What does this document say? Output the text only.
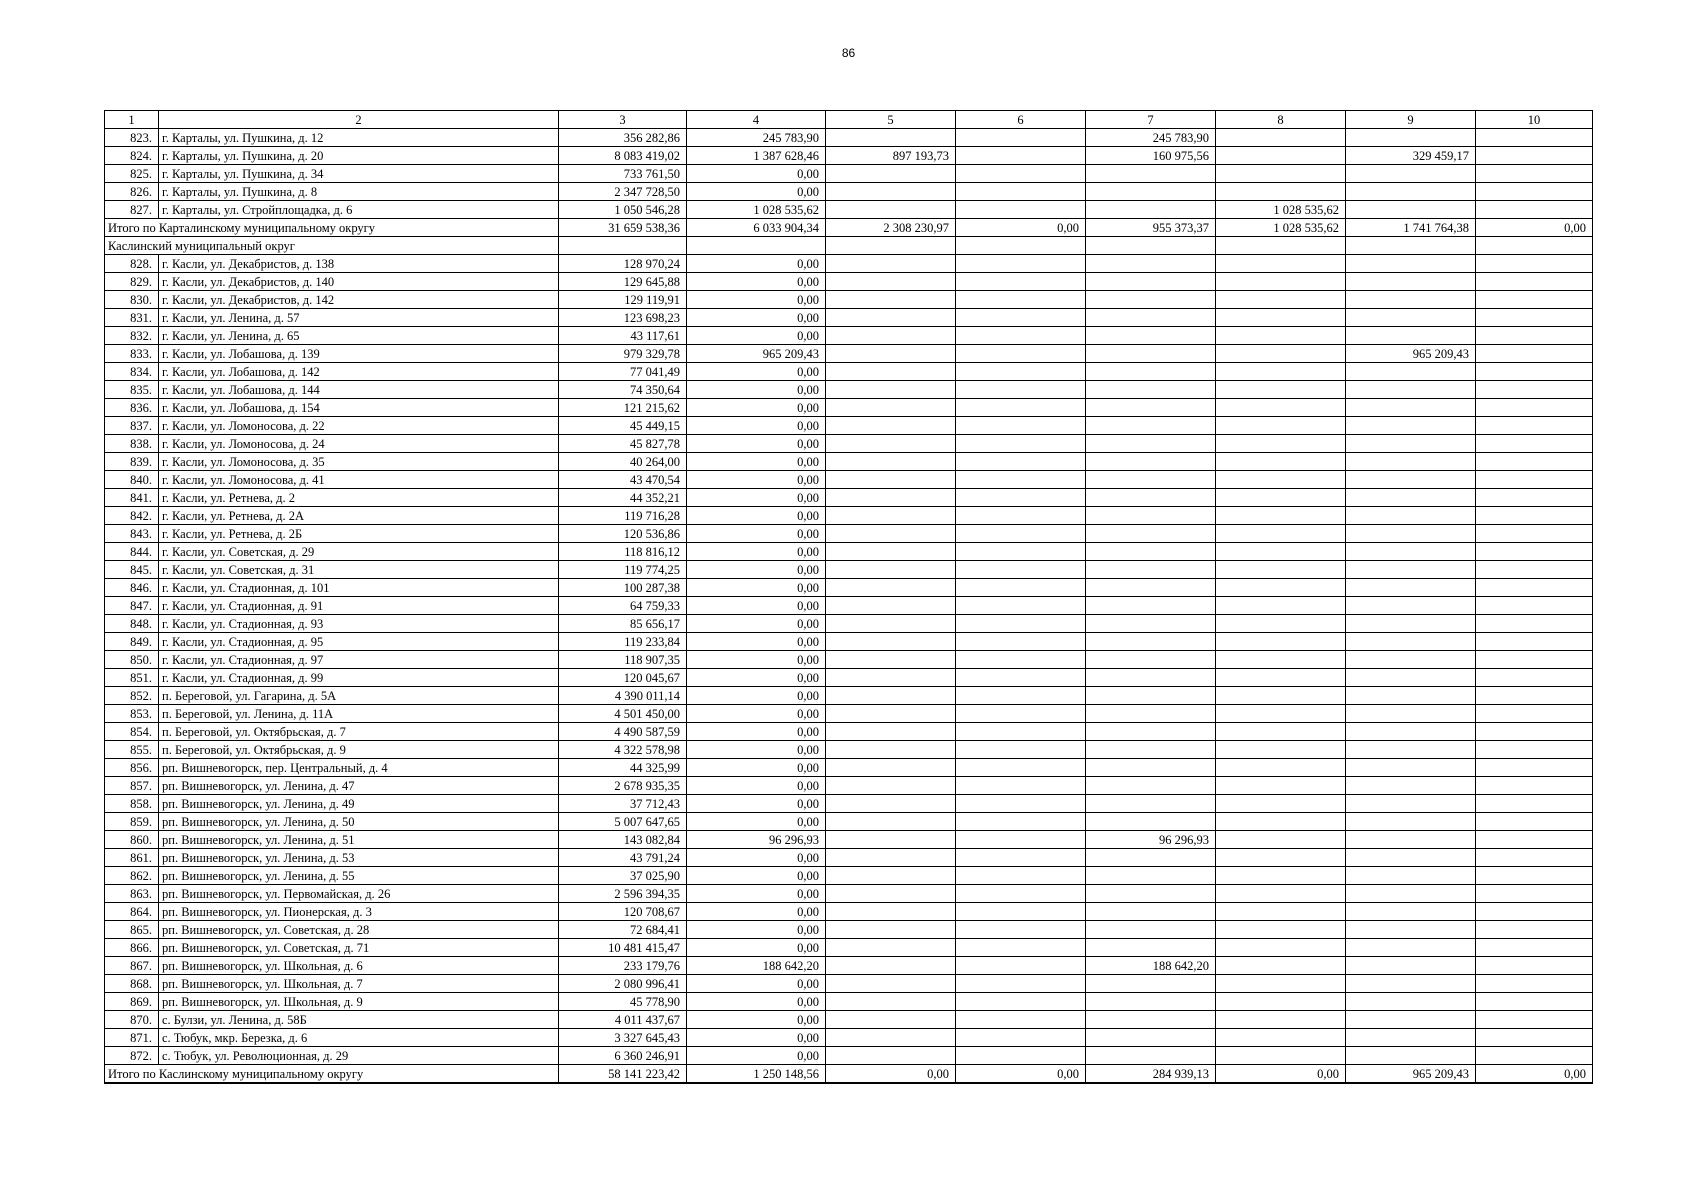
86
1	2	3	4	5	6	7	8	9	10
823.	г. Карталы, ул. Пушкина, д. 12	356 282,86	245 783,90			245 783,90			
824.	г. Карталы, ул. Пушкина, д. 20	8 083 419,02	1 387 628,46	897 193,73		160 975,56		329 459,17	
825.	г. Карталы, ул. Пушкина, д. 34	733 761,50	0,00						
826.	г. Карталы, ул. Пушкина, д. 8	2 347 728,50	0,00						
827.	г. Карталы, ул. Стройплощадка, д. 6	1 050 546,28	1 028 535,62				1 028 535,62		
Итого по Карталинскому муниципальному округу		31 659 538,36	6 033 904,34	2 308 230,97	0,00	955 373,37	1 028 535,62	1 741 764,38	0,00
Каслинский муниципальный округ									
828.	г. Касли, ул. Декабристов, д. 138	128 970,24	0,00						
829.	г. Касли, ул. Декабристов, д. 140	129 645,88	0,00						
830.	г. Касли, ул. Декабристов, д. 142	129 119,91	0,00						
831.	г. Касли, ул. Ленина, д. 57	123 698,23	0,00						
832.	г. Касли, ул. Ленина, д. 65	43 117,61	0,00						
833.	г. Касли, ул. Лобашова, д. 139	979 329,78	965 209,43					965 209,43	
834.	г. Касли, ул. Лобашова, д. 142	77 041,49	0,00						
835.	г. Касли, ул. Лобашова, д. 144	74 350,64	0,00						
836.	г. Касли, ул. Лобашова, д. 154	121 215,62	0,00						
837.	г. Касли, ул. Ломоносова, д. 22	45 449,15	0,00						
838.	г. Касли, ул. Ломоносова, д. 24	45 827,78	0,00						
839.	г. Касли, ул. Ломоносова, д. 35	40 264,00	0,00						
840.	г. Касли, ул. Ломоносова, д. 41	43 470,54	0,00						
841.	г. Касли, ул. Ретнева, д. 2	44 352,21	0,00						
842.	г. Касли, ул. Ретнева, д. 2А	119 716,28	0,00						
843.	г. Касли, ул. Ретнева, д. 2Б	120 536,86	0,00						
844.	г. Касли, ул. Советская, д. 29	118 816,12	0,00						
845.	г. Касли, ул. Советская, д. 31	119 774,25	0,00						
846.	г. Касли, ул. Стадионная, д. 101	100 287,38	0,00						
847.	г. Касли, ул. Стадионная, д. 91	64 759,33	0,00						
848.	г. Касли, ул. Стадионная, д. 93	85 656,17	0,00						
849.	г. Касли, ул. Стадионная, д. 95	119 233,84	0,00						
850.	г. Касли, ул. Стадионная, д. 97	118 907,35	0,00						
851.	г. Касли, ул. Стадионная, д. 99	120 045,67	0,00						
852.	п. Береговой, ул. Гагарина, д. 5А	4 390 011,14	0,00						
853.	п. Береговой, ул. Ленина, д. 11А	4 501 450,00	0,00						
854.	п. Береговой, ул. Октябрьская, д. 7	4 490 587,59	0,00						
855.	п. Береговой, ул. Октябрьская, д. 9	4 322 578,98	0,00						
856.	рп. Вишневогорск, пер. Центральный, д. 4	44 325,99	0,00						
857.	рп. Вишневогорск, ул. Ленина, д. 47	2 678 935,35	0,00						
858.	рп. Вишневогорск, ул. Ленина, д. 49	37 712,43	0,00						
859.	рп. Вишневогорск, ул. Ленина, д. 50	5 007 647,65	0,00						
860.	рп. Вишневогорск, ул. Ленина, д. 51	143 082,84	96 296,93			96 296,93			
861.	рп. Вишневогорск, ул. Ленина, д. 53	43 791,24	0,00						
862.	рп. Вишневогорск, ул. Ленина, д. 55	37 025,90	0,00						
863.	рп. Вишневогорск, ул. Первомайская, д. 26	2 596 394,35	0,00						
864.	рп. Вишневогорск, ул. Пионерская, д. 3	120 708,67	0,00						
865.	рп. Вишневогорск, ул. Советская, д. 28	72 684,41	0,00						
866.	рп. Вишневогорск, ул. Советская, д. 71	10 481 415,47	0,00						
867.	рп. Вишневогорск, ул. Школьная, д. 6	233 179,76	188 642,20			188 642,20			
868.	рп. Вишневогорск, ул. Школьная, д. 7	2 080 996,41	0,00						
869.	рп. Вишневогорск, ул. Школьная, д. 9	45 778,90	0,00						
870.	с. Булзи, ул. Ленина, д. 58Б	4 011 437,67	0,00						
871.	с. Тюбук, мкр. Березка, д. 6	3 327 645,43	0,00						
872.	с. Тюбук, ул. Революционная, д. 29	6 360 246,91	0,00						
Итого по Каслинскому муниципальному округу		58 141 223,42	1 250 148,56	0,00	0,00	284 939,13	0,00	965 209,43	0,00
